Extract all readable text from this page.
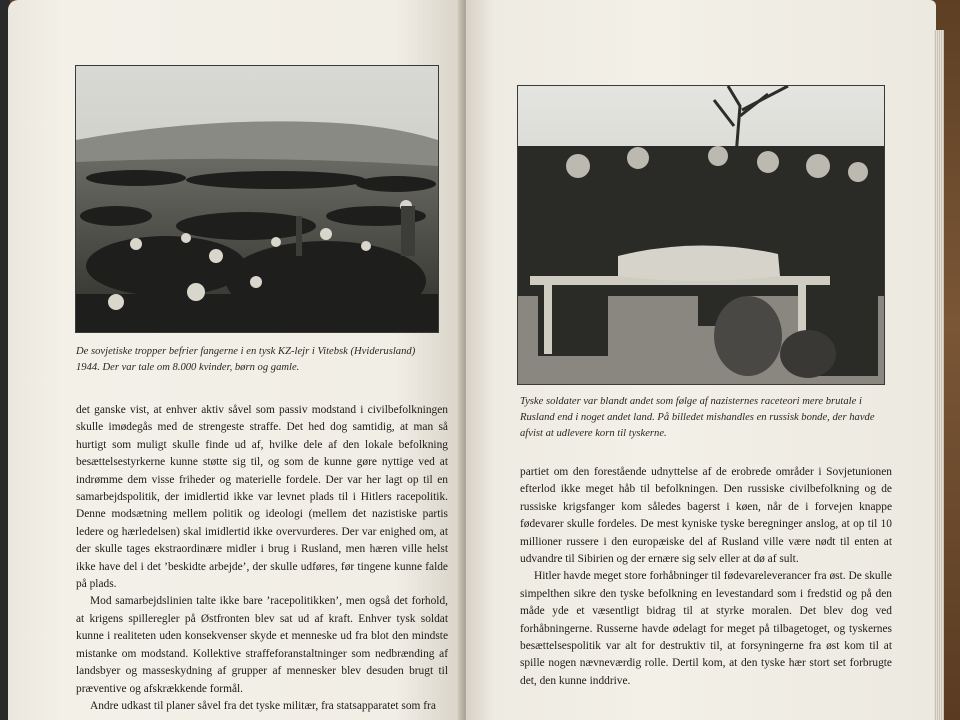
De sovjetiske tropper befrier fangerne i en tysk KZ-lejr i Vitebsk (Hviderusland) 1944. Der var tale om 8.000 kvinder, børn og gamle.

det ganske vist, at enhver aktiv såvel som passiv modstand i civilbefolkningen skulle imødegås med de strengeste straffe. Det hed dog samtidig, at man så hurtigt som muligt skulle finde ud af, hvilke dele af den lokale befolkning besættelsestyrkerne kunne støtte sig til, og som de kunne gøre nyttige ved at indrømme dem visse friheder og materielle fordele. Der var her lagt op til en samarbejdspolitik, der imidlertid ikke var levnet plads til i Hitlers racepolitik. Denne modsætning mellem politik og ideologi (mellem det nazistiske partis ledere og hærledelsen) skal imidlertid ikke overvurderes. Der var enighed om, at der skulle tages ekstraordinære midler i brug i Rusland, men hæren ville helst ikke have del i det ’beskidte arbejde’, der skulle udføres, før tingene kunne falde på plads.

Mod samarbejdslinien talte ikke bare ’racepolitikken’, men også det forhold, at krigens spilleregler på Østfronten blev sat ud af kraft. Enhver tysk soldat kunne i realiteten uden konsekvenser skyde et menneske ud fra blot den mindste mistanke om modstand. Kollektive straffeforanstaltninger som nedbrænding af landsbyer og masseskydning af grupper af mennesker blev desuden brugt til præventive og afskrækkende formål.

Andre udkast til planer såvel fra det tyske militær, fra statsapparatet som fra

Tyske soldater var blandt andet som følge af nazisternes raceteori mere brutale i Rusland end i noget andet land. På billedet mishandles en russisk bonde, der havde afvist at udlevere korn til tyskerne.

partiet om den forestående udnyttelse af de erobrede områder i Sovjetunionen efterlod ikke meget håb til befolkningen. Den russiske civilbefolkning og de russiske krigsfanger kom således bagerst i køen, når de i forvejen knappe fødevarer skulle fordeles. De mest kyniske tyske beregninger anslog, at op til 10 millioner russere i den europæiske del af Rusland ville være nødt til enten at udvandre til Sibirien og der ernære sig selv eller at dø af sult.

Hitler havde meget store forhåbninger til fødevareleverancer fra øst. De skulle simpelthen sikre den tyske befolkning en levestandard som i fredstid og på den måde yde et væsentligt bidrag til at styrke moralen. Det blev dog ved forhåbningerne. Russerne havde ødelagt for meget på tilbagetoget, og tyskernes besættelsespolitik var alt for destruktiv til, at forsyningerne fra øst kom til at spille nogen nævneværdig rolle. Dertil kom, at den tyske hær stort set forbrugte det, den kunne inddrive.
